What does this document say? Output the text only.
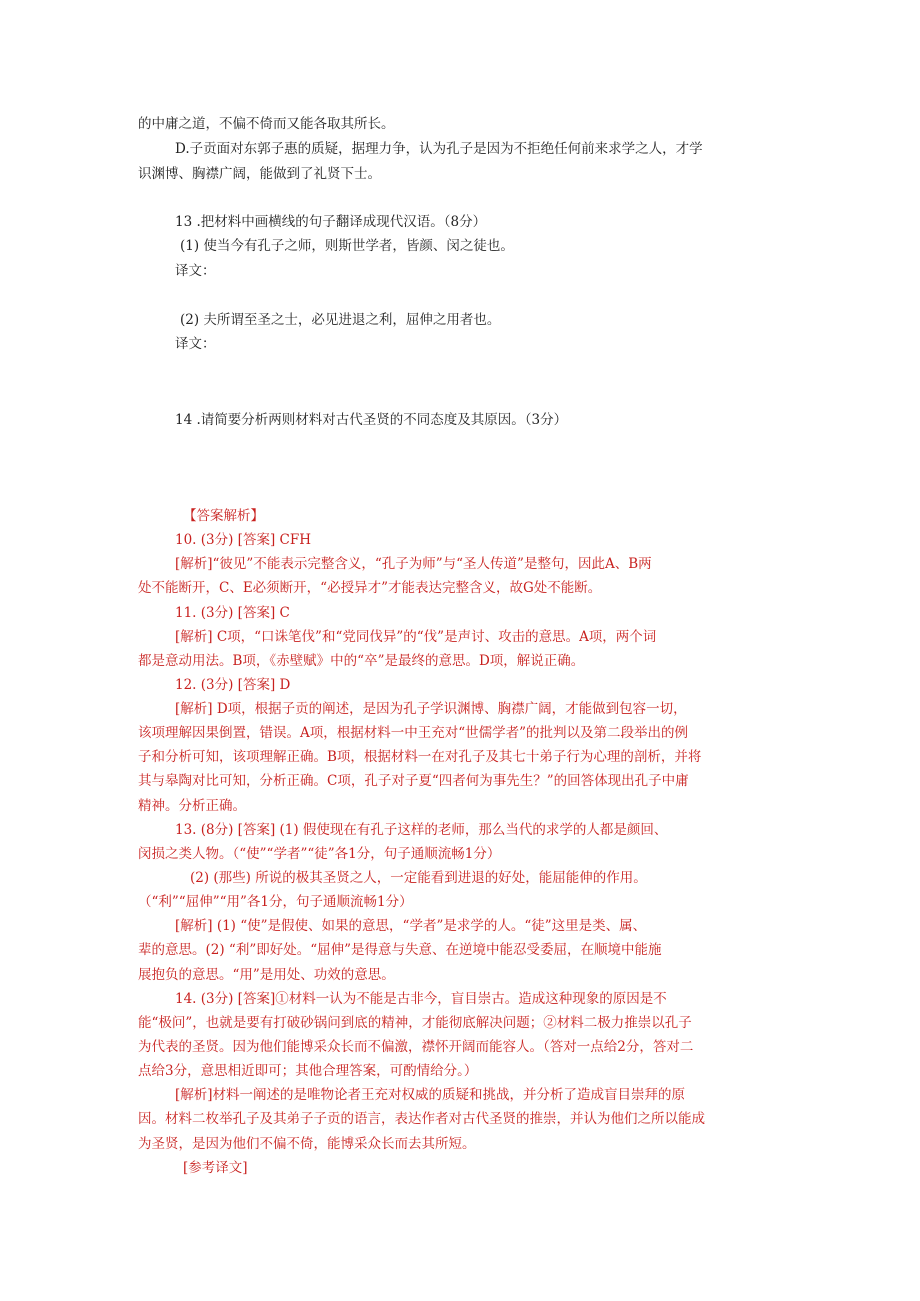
的中庸之道，不偏不倚而又能各取其所长。
D.子贡面对东郭子惠的质疑，据理力争，认为孔子是因为不拒绝任何前来求学之人，才学
识渊博、胸襟广阔，能做到了礼贤下士。
13 .把材料中画横线的句子翻译成现代汉语。（8分）
(1) 使当今有孔子之师，则斯世学者，皆颜、闵之徒也。
译文：
(2) 夫所谓至圣之士，必见进退之利，屈伸之用者也。
译文：
14 .请简要分析两则材料对古代圣贤的不同态度及其原因。（3分）
【答案解析】
10. (3分) [答案] CFH
[解析]“彼见”不能表示完整含义，“孔子为师”与“圣人传道”是整句，因此A、B两
处不能断开，C、E必须断开，“必授异才”才能表达完整含义，故G处不能断。
11. (3分) [答案] C
[解析] C项，“口诛笔伐”和“党同伐异”的“伐”是声讨、攻击的意思。A项，两个词
都是意动用法。B项，《赤壁赋》中的“卒”是最终的意思。D项，解说正确。
12. (3分) [答案] D
[解析] D项，根据子贡的阐述，是因为孔子学识渊博、胸襟广阔，才能做到包容一切，
该项理解因果倒置，错误。A项，根据材料一中王充对“世儒学者”的批判以及第二段举出的例
子和分析可知，该项理解正确。B项，根据材料一在对孔子及其七十弟子行为心理的剖析，并将
其与皋陶对比可知，分析正确。C项，孔子对子夏“四者何为事先生？”的回答体现出孔子中庸
精神。分析正确。
13. (8分) [答案] (1) 假使现在有孔子这样的老师，那么当代的求学的人都是颜回、
闵损之类人物。（“使”“学者”“徒”各1分，句子通顺流畅1分）
(2) (那些) 所说的极其圣贤之人，一定能看到进退的好处，能屈能伸的作用。
（“利”“屈伸”“用”各1分，句子通顺流畅1分）
[解析] (1) “使”是假使、如果的意思，“学者”是求学的人。“徒”这里是类、属、
辈的意思。(2) “利”即好处。“屈伸”是得意与失意、在逆境中能忍受委屈，在顺境中能施
展抱负的意思。“用”是用处、功效的意思。
14. (3分) [答案]①材料一认为不能是古非今，盲目崇古。造成这种现象的原因是不
能“极问”，也就是要有打破砂锅问到底的精神，才能彻底解决问题；②材料二极力推崇以孔子
为代表的圣贤。因为他们能博采众长而不偏激，襟怀开阔而能容人。（答对一点给2分，答对二
点给3分，意思相近即可；其他合理答案，可酌情给分。）
[解析]材料一阐述的是唯物论者王充对权威的质疑和挑战，并分析了造成盲目崇拜的原
因。材料二枚举孔子及其弟子子贡的语言，表达作者对古代圣贤的推崇，并认为他们之所以能成
为圣贤，是因为他们不偏不倚，能博采众长而去其所短。
[参考译文]
